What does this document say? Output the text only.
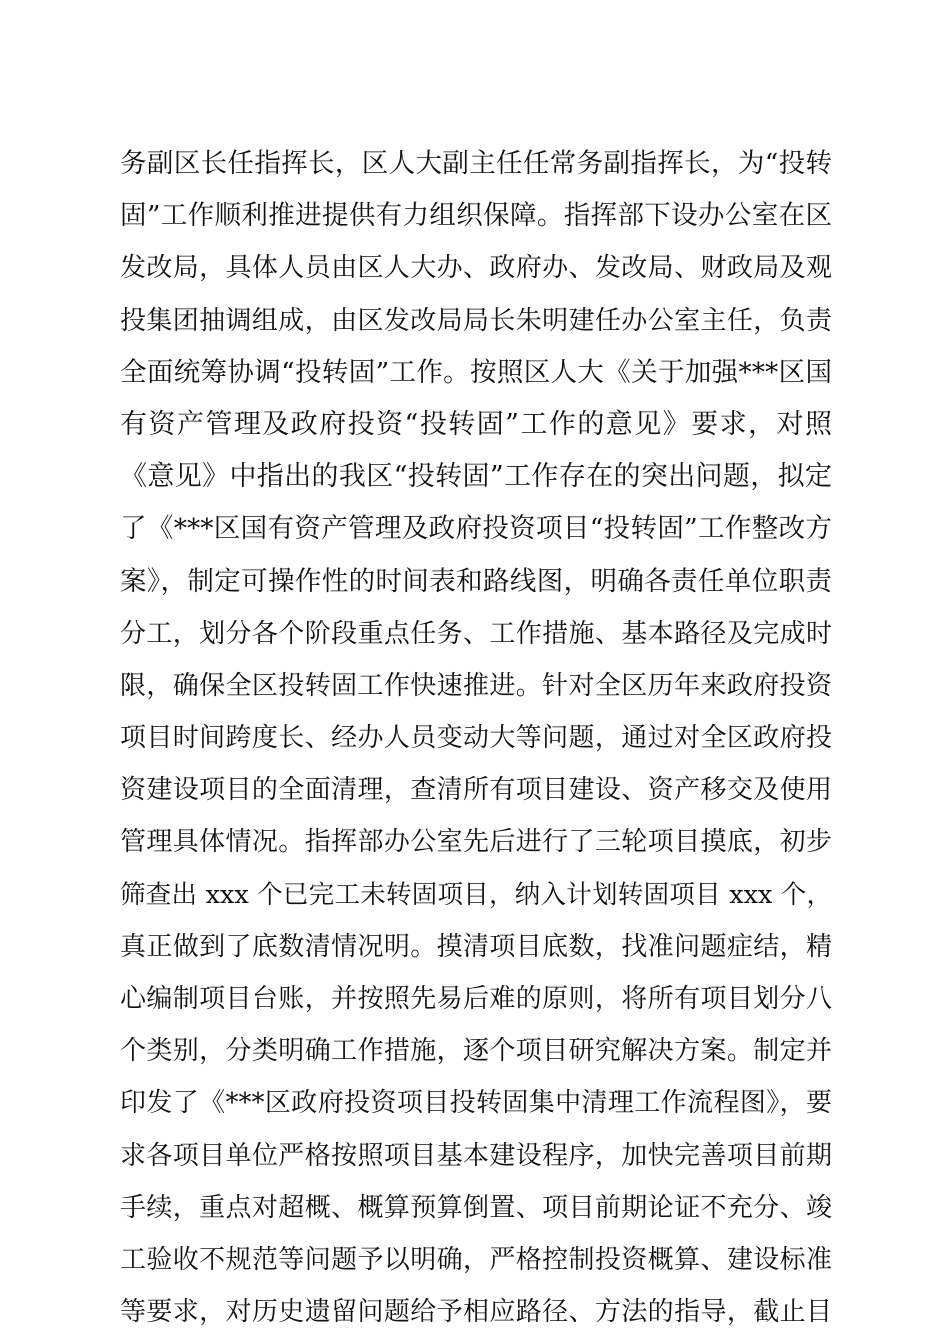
务副区长任指挥长，区人大副主任任常务副指挥长，为“投转
固”工作顺利推进提供有力组织保障。指挥部下设办公室在区
发改局，具体人员由区人大办、政府办、发改局、财政局及观
投集团抽调组成，由区发改局局长朱明建任办公室主任，负责
全面统筹协调“投转固”工作。按照区人大《关于加强***区国
有资产管理及政府投资“投转固”工作的意见》要求，对照
《意见》中指出的我区“投转固”工作存在的突出问题，拟定
了《***区国有资产管理及政府投资项目“投转固”工作整改方
案》，制定可操作性的时间表和路线图，明确各责任单位职责
分工，划分各个阶段重点任务、工作措施、基本路径及完成时
限，确保全区投转固工作快速推进。针对全区历年来政府投资
项目时间跨度长、经办人员变动大等问题，通过对全区政府投
资建设项目的全面清理，查清所有项目建设、资产移交及使用
管理具体情况。指挥部办公室先后进行了三轮项目摸底，初步
筛查出 xxx 个已完工未转固项目，纳入计划转固项目 xxx 个，
真正做到了底数清情况明。摸清项目底数，找准问题症结，精
心编制项目台账，并按照先易后难的原则，将所有项目划分八
个类别，分类明确工作措施，逐个项目研究解决方案。制定并
印发了《***区政府投资项目投转固集中清理工作流程图》，要
求各项目单位严格按照项目基本建设程序，加快完善项目前期
手续，重点对超概、概算预算倒置、项目前期论证不充分、竣
工验收不规范等问题予以明确，严格控制投资概算、建设标准
等要求，对历史遗留问题给予相应路径、方法的指导，截止目
